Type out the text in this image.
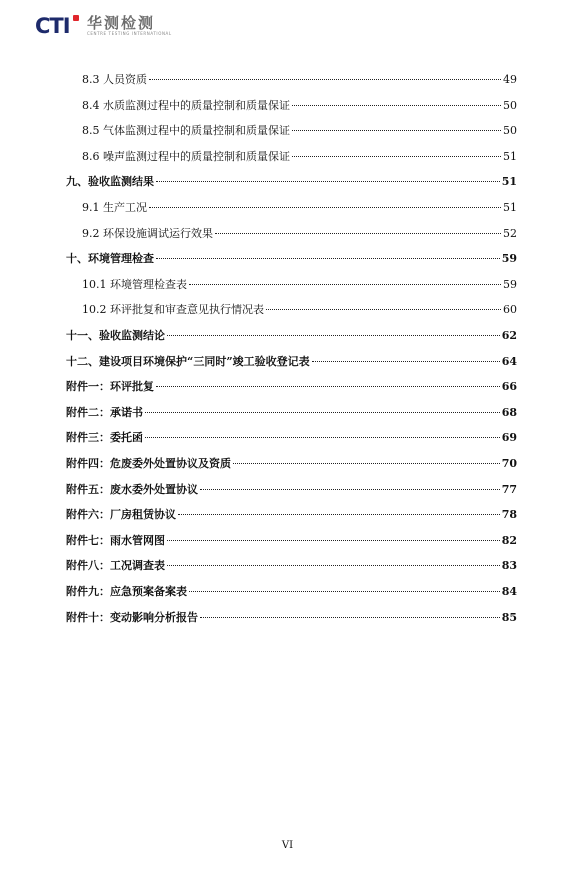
CTI	华测检测
CENTRE TESTING INTERNATIONAL
8.3 人员资质	49
8.4 水质监测过程中的质量控制和质量保证	50
8.5 气体监测过程中的质量控制和质量保证	50
8.6 噪声监测过程中的质量控制和质量保证	51
九、验收监测结果	51
9.1 生产工况	51
9.2 环保设施调试运行效果	52
十、环境管理检查	59
10.1 环境管理检查表	59
10.2 环评批复和审查意见执行情况表	60
十一、验收监测结论	62
十二、建设项目环境保护“三同时”竣工验收登记表	64
附件一：环评批复	66
附件二：承诺书	68
附件三：委托函	69
附件四：危废委外处置协议及资质	70
附件五：废水委外处置协议	77
附件六：厂房租赁协议	78
附件七：雨水管网图	82
附件八：工况调查表	83
附件九：应急预案备案表	84
附件十：变动影响分析报告	85
VI
